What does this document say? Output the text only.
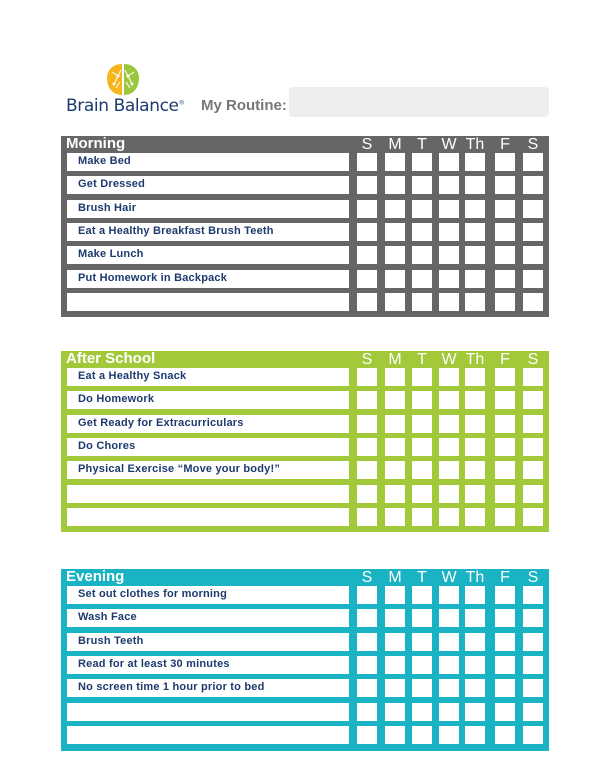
Brain Balance® My Routine:
Morning	S	M T W Th F	S
Make Bed
Get Dressed
Brush Hair
Eat a Healthy Breakfast Brush Teeth
Make Lunch
Put Homework in Backpack
After School	S	M T W Th F	S
Eat a Healthy Snack
Do Homework
Get Ready for Extracurriculars
Do Chores
Physical Exercise “Move your body!”
Evening	S	M T W Th F	S
Set out clothes for morning
Wash Face
Brush Teeth
Read for at least 30 minutes
No screen time 1 hour prior to bed
